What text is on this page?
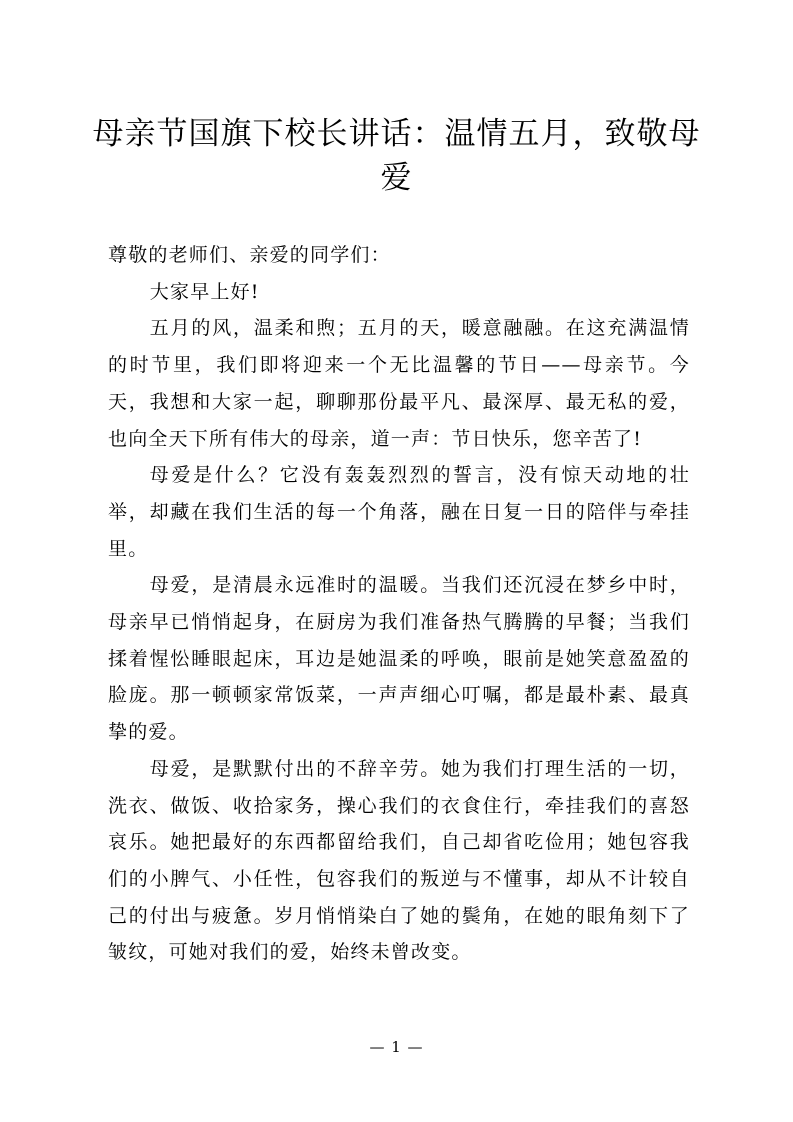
母亲节国旗下校长讲话：温情五月，致敬母爱

尊敬的老师们、亲爱的同学们：

大家早上好!

五月的风，温柔和煦；五月的天，暖意融融。在这充满温情的时节里，我们即将迎来一个无比温馨的节日——母亲节。今天，我想和大家一起，聊聊那份最平凡、最深厚、最无私的爱，也向全天下所有伟大的母亲，道一声：节日快乐，您辛苦了!

母爱是什么？它没有轰轰烈烈的誓言，没有惊天动地的壮举，却藏在我们生活的每一个角落，融在日复一日的陪伴与牵挂里。

母爱，是清晨永远准时的温暖。当我们还沉浸在梦乡中时，母亲早已悄悄起身，在厨房为我们准备热气腾腾的早餐；当我们揉着惺忪睡眼起床，耳边是她温柔的呼唤，眼前是她笑意盈盈的脸庞。那一顿顿家常饭菜，一声声细心叮嘱，都是最朴素、最真挚的爱。

母爱，是默默付出的不辞辛劳。她为我们打理生活的一切，洗衣、做饭、收拾家务，操心我们的衣食住行，牵挂我们的喜怒哀乐。她把最好的东西都留给我们，自己却省吃俭用；她包容我们的小脾气、小任性，包容我们的叛逆与不懂事，却从不计较自己的付出与疲惫。岁月悄悄染白了她的鬓角，在她的眼角刻下了皱纹，可她对我们的爱，始终未曾改变。

— 1 —
